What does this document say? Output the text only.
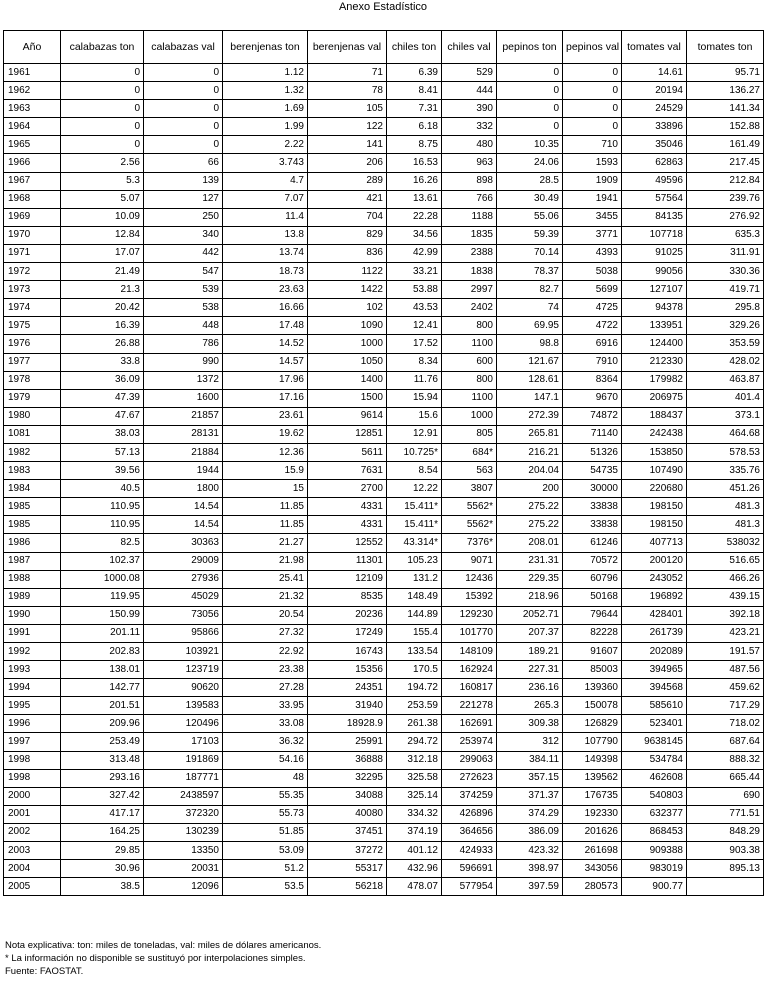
Anexo Estadístico
Año	calabazas ton	calabazas val	berenjenas ton	berenjenas val	chiles ton	chiles val	pepinos ton	pepinos val	tomates val	tomates ton
1961	0	0	1.12	71	6.39	529	0	0	14.61	95.71
1962	0	0	1.32	78	8.41	444	0	0	20194	136.27
1963	0	0	1.69	105	7.31	390	0	0	24529	141.34
1964	0	0	1.99	122	6.18	332	0	0	33896	152.88
1965	0	0	2.22	141	8.75	480	10.35	710	35046	161.49
1966	2.56	66	3.743	206	16.53	963	24.06	1593	62863	217.45
1967	5.3	139	4.7	289	16.26	898	28.5	1909	49596	212.84
1968	5.07	127	7.07	421	13.61	766	30.49	1941	57564	239.76
1969	10.09	250	11.4	704	22.28	1188	55.06	3455	84135	276.92
1970	12.84	340	13.8	829	34.56	1835	59.39	3771	107718	635.3
1971	17.07	442	13.74	836	42.99	2388	70.14	4393	91025	311.91
1972	21.49	547	18.73	1122	33.21	1838	78.37	5038	99056	330.36
1973	21.3	539	23.63	1422	53.88	2997	82.7	5699	127107	419.71
1974	20.42	538	16.66	102	43.53	2402	74	4725	94378	295.8
1975	16.39	448	17.48	1090	12.41	800	69.95	4722	133951	329.26
1976	26.88	786	14.52	1000	17.52	1100	98.8	6916	124400	353.59
1977	33.8	990	14.57	1050	8.34	600	121.67	7910	212330	428.02
1978	36.09	1372	17.96	1400	11.76	800	128.61	8364	179982	463.87
1979	47.39	1600	17.16	1500	15.94	1100	147.1	9670	206975	401.4
1980	47.67	21857	23.61	9614	15.6	1000	272.39	74872	188437	373.1
1081	38.03	28131	19.62	12851	12.91	805	265.81	71140	242438	464.68
1982	57.13	21884	12.36	5611	10.725*	684*	216.21	51326	153850	578.53
1983	39.56	1944	15.9	7631	8.54	563	204.04	54735	107490	335.76
1984	40.5	1800	15	2700	12.22	3807	200	30000	220680	451.26
1985	110.95	14.54	11.85	4331	15.411*	5562*	275.22	33838	198150	481.3
1985	110.95	14.54	11.85	4331	15.411*	5562*	275.22	33838	198150	481.3
1986	82.5	30363	21.27	12552	43.314*	7376*	208.01	61246	407713	538032
1987	102.37	29009	21.98	11301	105.23	9071	231.31	70572	200120	516.65
1988	1000.08	27936	25.41	12109	131.2	12436	229.35	60796	243052	466.26
1989	119.95	45029	21.32	8535	148.49	15392	218.96	50168	196892	439.15
1990	150.99	73056	20.54	20236	144.89	129230	2052.71	79644	428401	392.18
1991	201.11	95866	27.32	17249	155.4	101770	207.37	82228	261739	423.21
1992	202.83	103921	22.92	16743	133.54	148109	189.21	91607	202089	191.57
1993	138.01	123719	23.38	15356	170.5	162924	227.31	85003	394965	487.56
1994	142.77	90620	27.28	24351	194.72	160817	236.16	139360	394568	459.62
1995	201.51	139583	33.95	31940	253.59	221278	265.3	150078	585610	717.29
1996	209.96	120496	33.08	18928.9	261.38	162691	309.38	126829	523401	718.02
1997	253.49	17103	36.32	25991	294.72	253974	312	107790	9638145	687.64
1998	313.48	191869	54.16	36888	312.18	299063	384.11	149398	534784	888.32
1998	293.16	187771	48	32295	325.58	272623	357.15	139562	462608	665.44
2000	327.42	2438597	55.35	34088	325.14	374259	371.37	176735	540803	690
2001	417.17	372320	55.73	40080	334.32	426896	374.29	192330	632377	771.51
2002	164.25	130239	51.85	37451	374.19	364656	386.09	201626	868453	848.29
2003	29.85	13350	53.09	37272	401.12	424933	423.32	261698	909388	903.38
2004	30.96	20031	51.2	55317	432.96	596691	398.97	343056	983019	895.13
2005	38.5	12096	53.5	56218	478.07	577954	397.59	280573	900.77	
Nota explicativa: ton: miles de toneladas, val: miles de dólares americanos.
* La información no disponible se sustituyó por interpolaciones simples.
Fuente: FAOSTAT.
